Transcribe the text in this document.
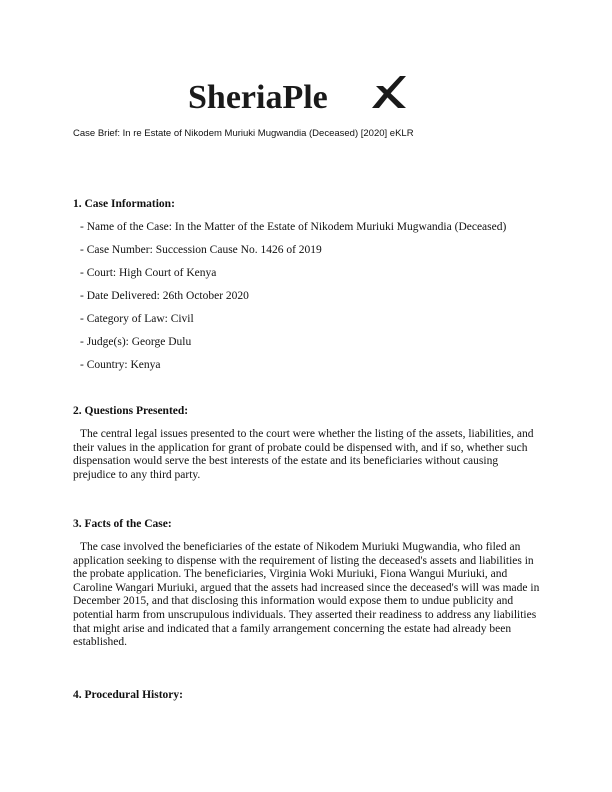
SheriaPle
Case Brief: In re Estate of Nikodem Muriuki Mugwandia (Deceased) [2020] eKLR
1. Case Information:
- Name of the Case: In the Matter of the Estate of Nikodem Muriuki Mugwandia (Deceased)
- Case Number: Succession Cause No. 1426 of 2019
- Court: High Court of Kenya
- Date Delivered: 26th October 2020
- Category of Law: Civil
- Judge(s): George Dulu
- Country: Kenya
2. Questions Presented:
The central legal issues presented to the court were whether the listing of the assets, liabilities, and their values in the application for grant of probate could be dispensed with, and if so, whether such dispensation would serve the best interests of the estate and its beneficiaries without causing prejudice to any third party.
3. Facts of the Case:
The case involved the beneficiaries of the estate of Nikodem Muriuki Mugwandia, who filed an application seeking to dispense with the requirement of listing the deceased's assets and liabilities in the probate application. The beneficiaries, Virginia Woki Muriuki, Fiona Wangui Muriuki, and Caroline Wangari Muriuki, argued that the assets had increased since the deceased's will was made in December 2015, and that disclosing this information would expose them to undue publicity and potential harm from unscrupulous individuals. They asserted their readiness to address any liabilities that might arise and indicated that a family arrangement concerning the estate had already been established.
4. Procedural History:
